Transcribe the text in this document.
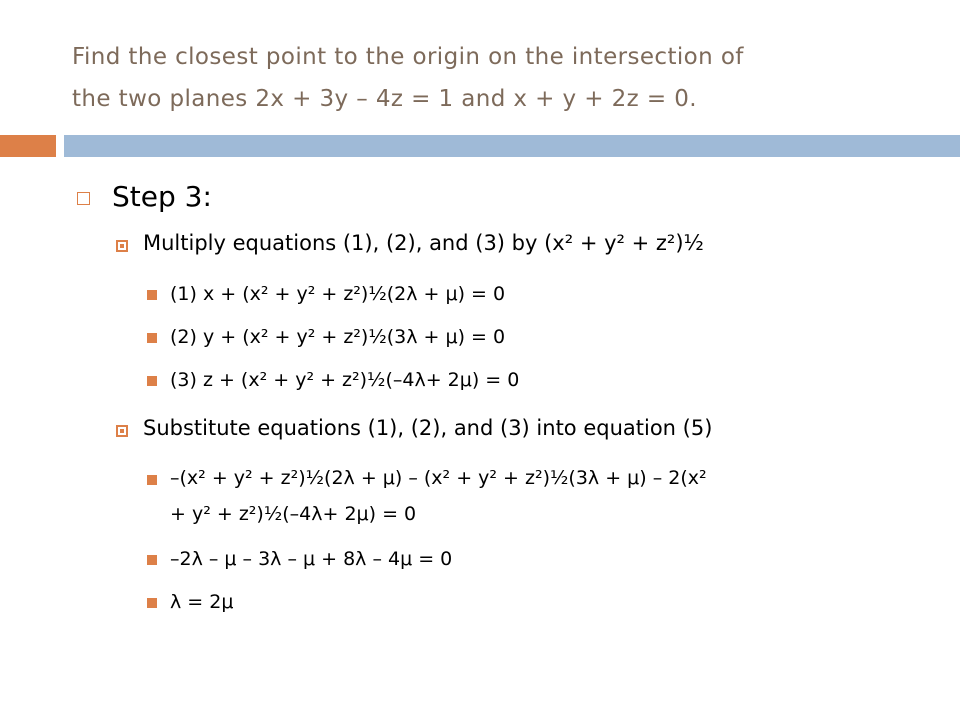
Find the closest point to the origin on the intersection of
the two planes 2x + 3y – 4z = 1 and x + y + 2z = 0.
Step 3:
Multiply equations (1), (2), and (3) by (x² + y² + z²)½
(1) x + (x² + y² + z²)½(2λ + μ) = 0
(2) y + (x² + y² + z²)½(3λ + μ) = 0
(3) z + (x² + y² + z²)½(–4λ+ 2μ) = 0
Substitute equations (1), (2), and (3) into equation (5)
–(x² + y² + z²)½(2λ + μ) – (x² + y² + z²)½(3λ + μ) – 2(x²
+ y² + z²)½(–4λ+ 2μ) = 0
–2λ – μ – 3λ – μ + 8λ – 4μ = 0
λ = 2μ
